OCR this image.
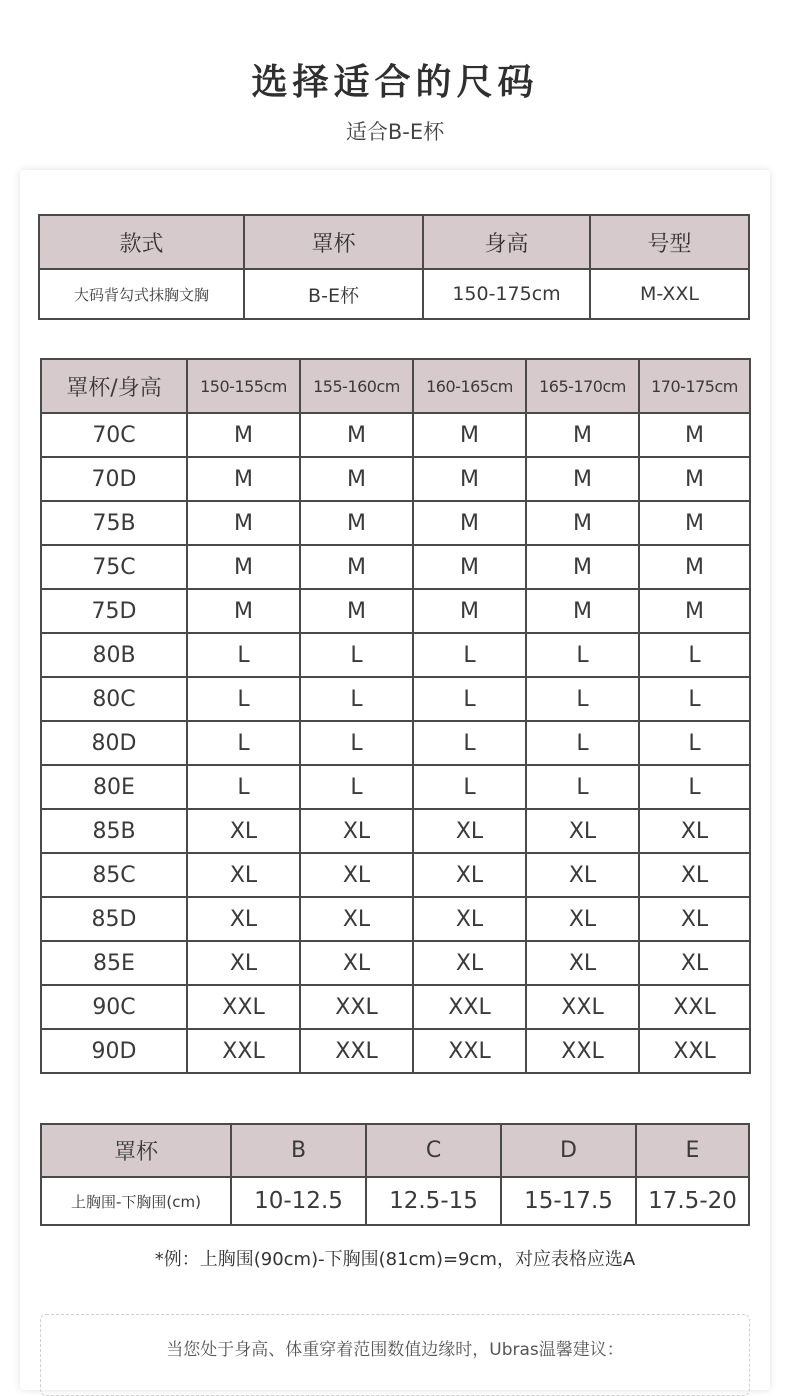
选择适合的尺码
适合B-E杯
款式	罩杯	身高	号型
大码背勾式抹胸文胸	B-E杯	150-175cm	M-XXL
罩杯/身高	150-155cm	155-160cm	160-165cm	165-170cm	170-175cm
70C	M	M	M	M	M
70D	M	M	M	M	M
75B	M	M	M	M	M
75C	M	M	M	M	M
75D	M	M	M	M	M
80B	L	L	L	L	L
80C	L	L	L	L	L
80D	L	L	L	L	L
80E	L	L	L	L	L
85B	XL	XL	XL	XL	XL
85C	XL	XL	XL	XL	XL
85D	XL	XL	XL	XL	XL
85E	XL	XL	XL	XL	XL
90C	XXL	XXL	XXL	XXL	XXL
90D	XXL	XXL	XXL	XXL	XXL
罩杯	B	C	D	E
上胸围-下胸围(cm)	10-12.5	12.5-15	15-17.5	17.5-20
*例：上胸围(90cm)-下胸围(81cm)=9cm，对应表格应选A
当您处于身高、体重穿着范围数值边缘时，Ubras温馨建议：
